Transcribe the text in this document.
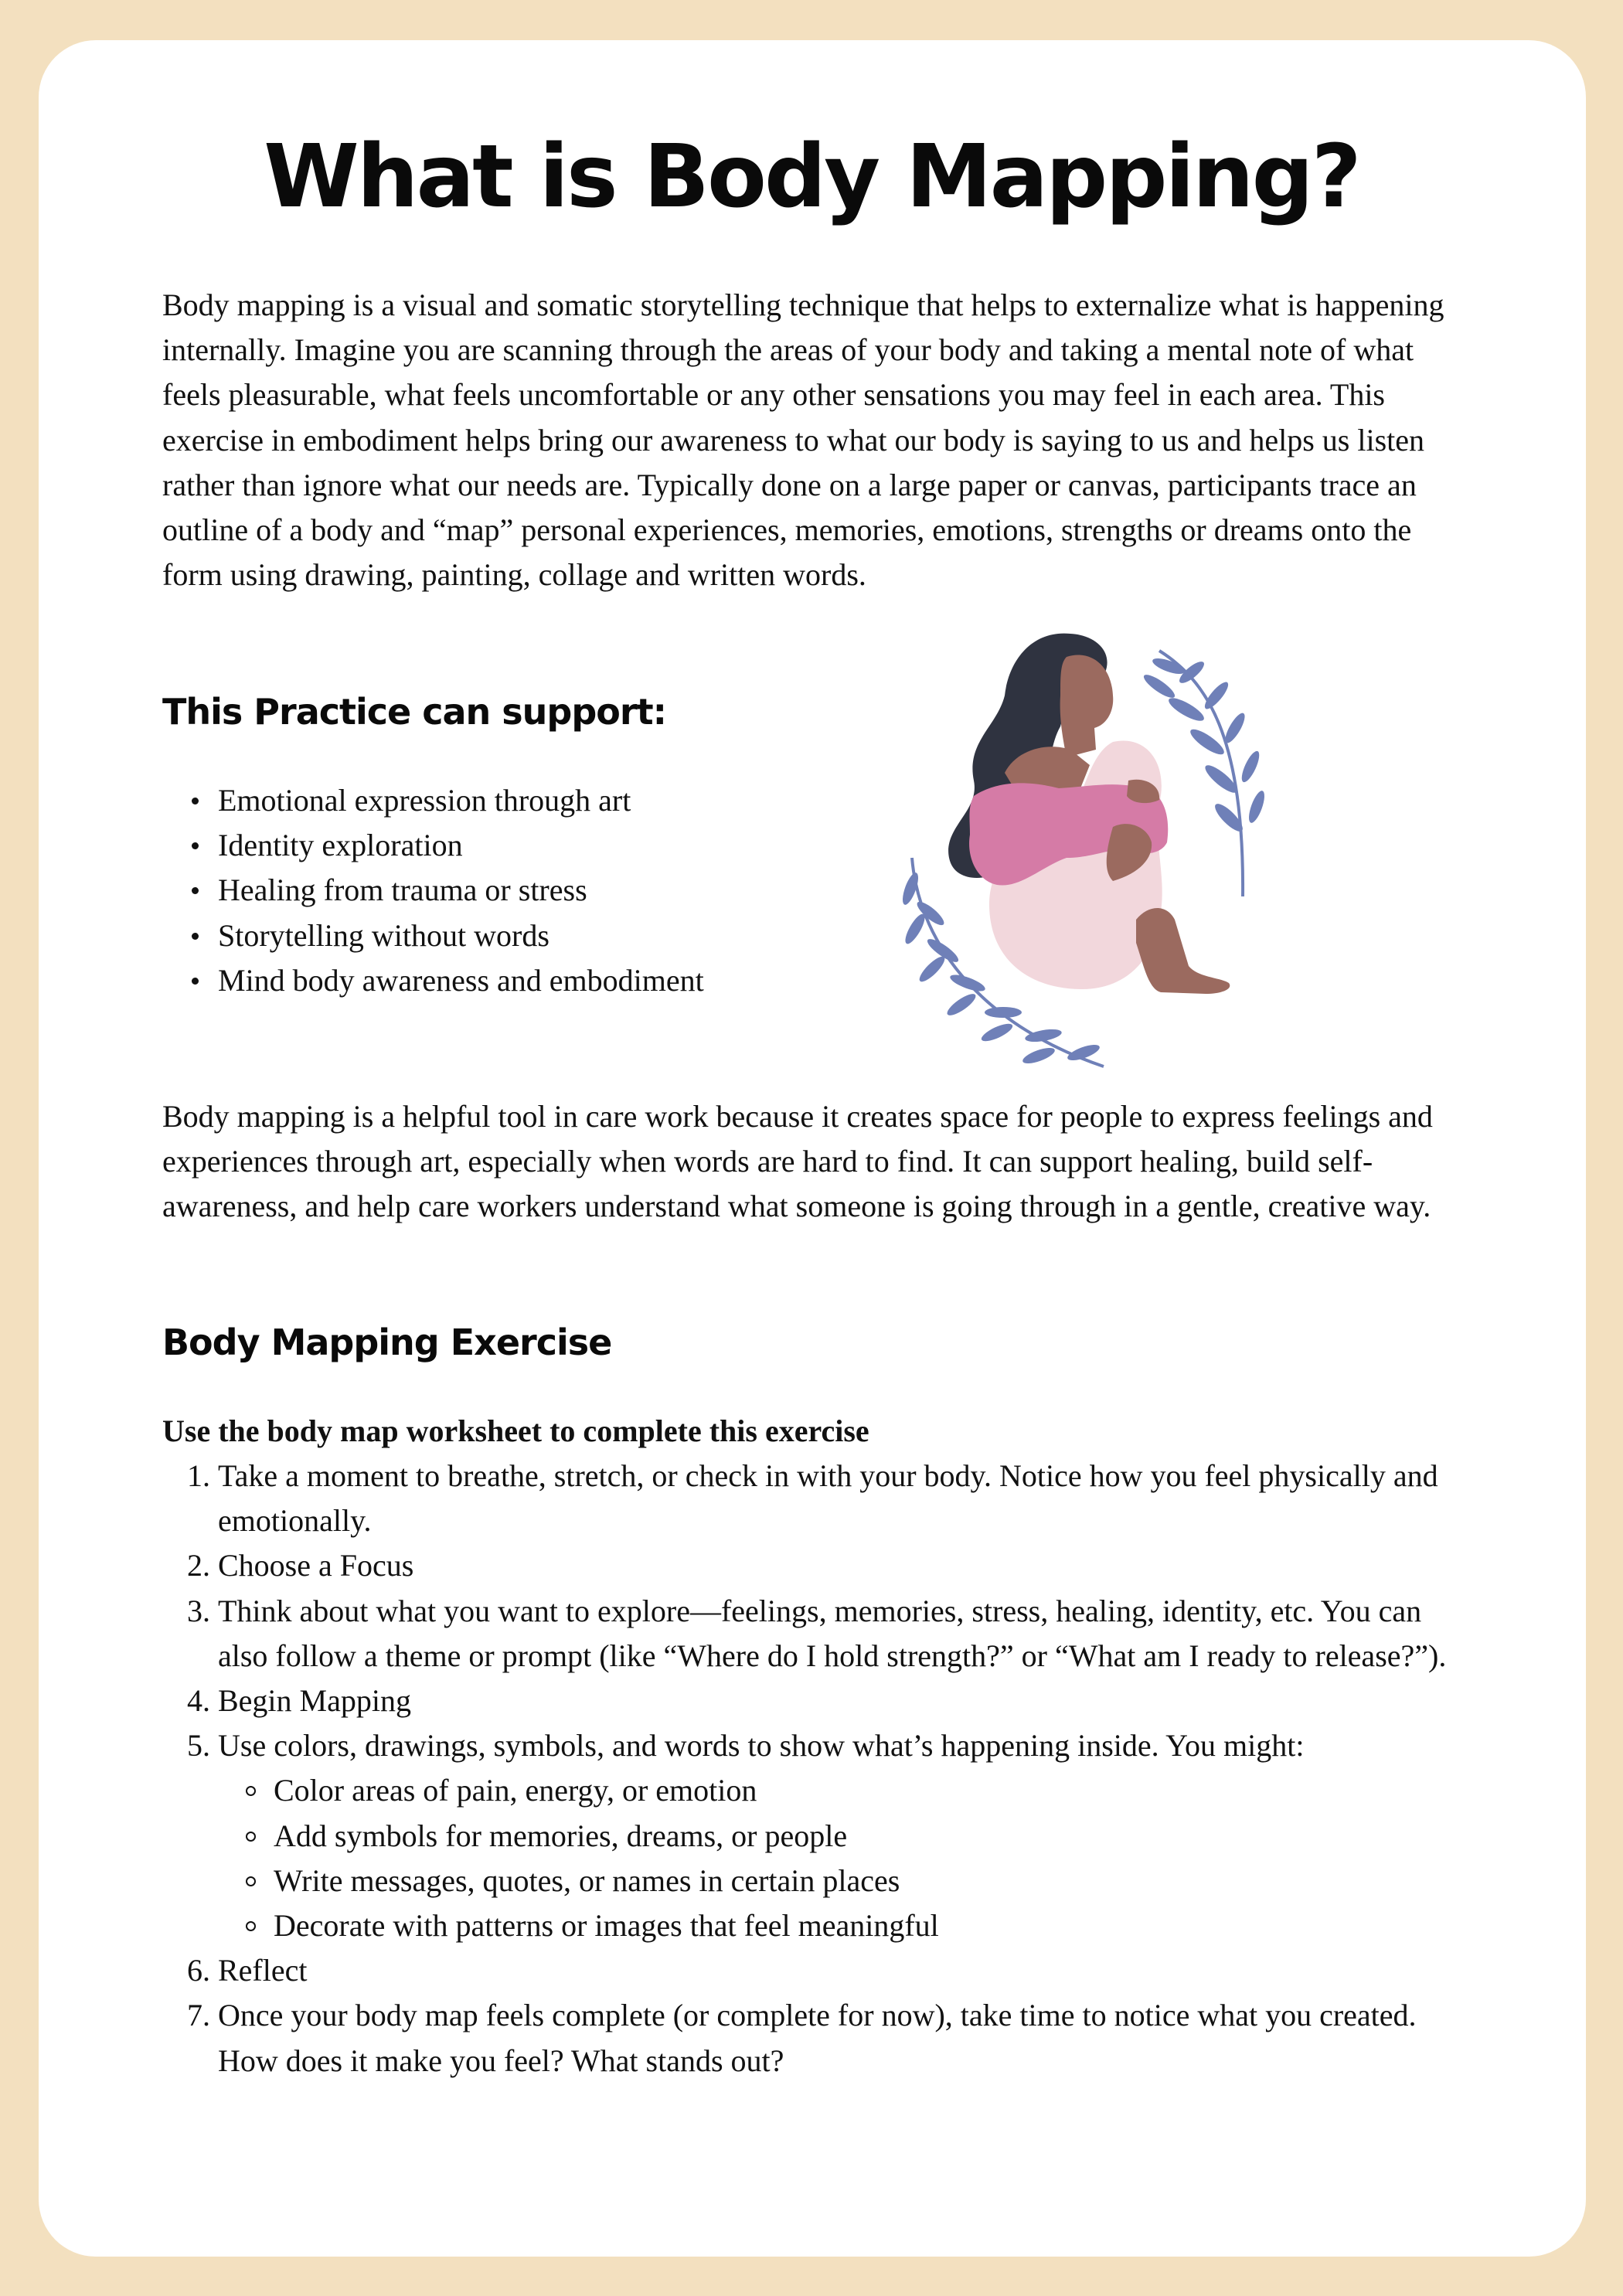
What is Body Mapping?

Body mapping is a visual and somatic storytelling technique that helps to externalize what is happening internally. Imagine you are scanning through the areas of your body and taking a mental note of what feels pleasurable, what feels uncomfortable or any other sensations you may feel in each area. This exercise in embodiment helps bring our awareness to what our body is saying to us and helps us listen rather than ignore what our needs are. Typically done on a large paper or canvas, participants trace an outline of a body and “map” personal experiences, memories, emotions, strengths or dreams onto the form using drawing, painting, collage and written words.

This Practice can support:
Emotional expression through art
Identity exploration
Healing from trauma or stress
Storytelling without words
Mind body awareness and embodiment

Body mapping is a helpful tool in care work because it creates space for people to express feelings and experiences through art, especially when words are hard to find. It can support healing, build self-awareness, and help care workers understand what someone is going through in a gentle, creative way.

Body Mapping Exercise

Use the body map worksheet to complete this exercise

1. Take a moment to breathe, stretch, or check in with your body. Notice how you feel physically and emotionally.
2. Choose a Focus
3. Think about what you want to explore—feelings, memories, stress, healing, identity, etc. You can also follow a theme or prompt (like “Where do I hold strength?” or “What am I ready to release?”).
4. Begin Mapping
5. Use colors, drawings, symbols, and words to show what’s happening inside. You might:
Color areas of pain, energy, or emotion
Add symbols for memories, dreams, or people
Write messages, quotes, or names in certain places
Decorate with patterns or images that feel meaningful
6. Reflect
7. Once your body map feels complete (or complete for now), take time to notice what you created. How does it make you feel? What stands out?
